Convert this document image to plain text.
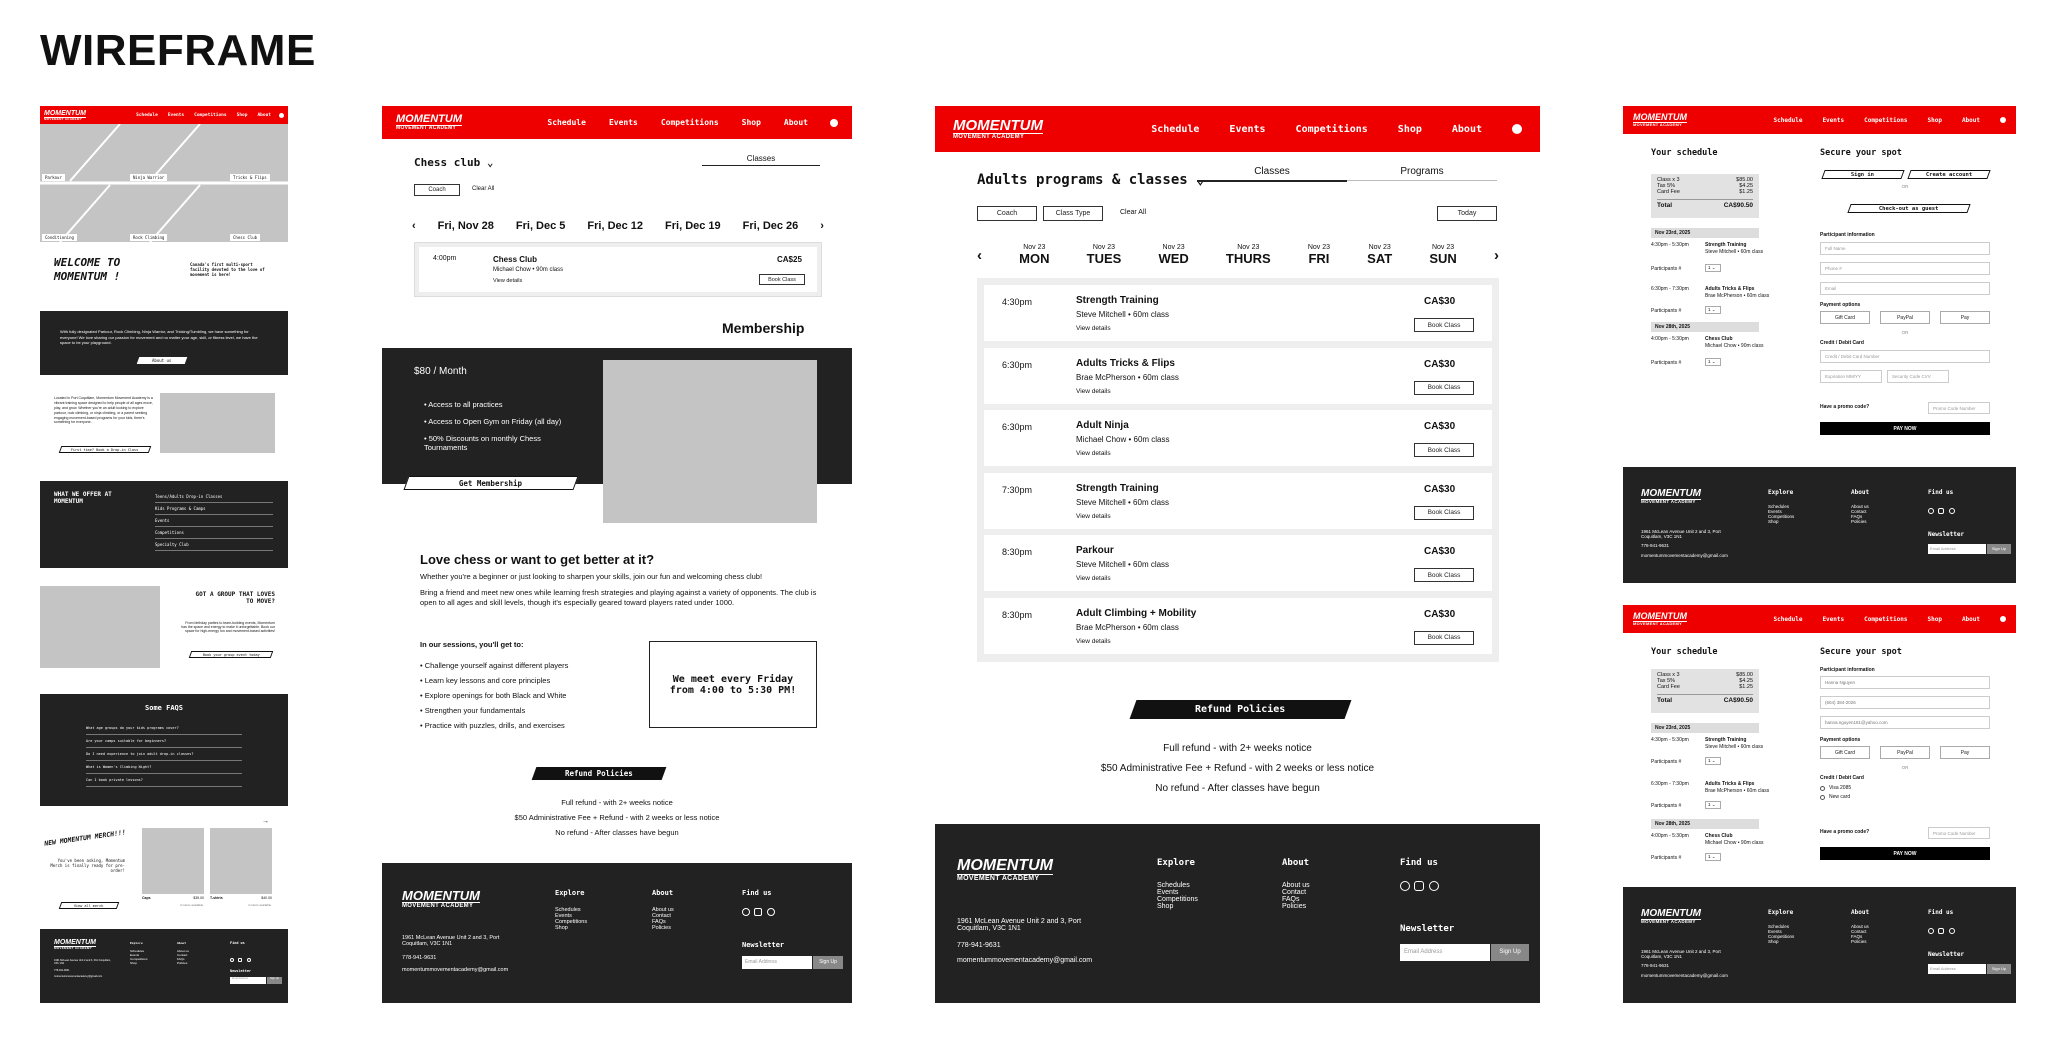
WIREFRAME
MOMENTUM
MOVEMENT ACADEMY
Schedule Events Competitions Shop About
Parkour	Ninja Warrior	Tricks & Flips
Conditioning	Rock Climbing	Chess Club
WELCOME TO MOMENTUM !
Canada's first multi-sport facility devoted to the love of movement is here!
With fully designated Parkour, Rock Climbing, Ninja Warrior, and Tricking/Tumbling, we have something for everyone! We love sharing our passion for movement and no matter your age, skill, or fitness level, we have the space to be your playground.
About us
Located in Port Coquitlam, Momentum Movement Academy is a vibrant training space designed to help people of all ages move, play, and grow. Whether you're an adult looking to explore parkour, rock climbing, or ninja climbing, or a parent seeking engaging movement-based programs for your kids, there's something for everyone.
First time? Book a Drop-in Class
WHAT WE OFFER AT MOMENTUM
Teens/Adults Drop-in Classes
Kids Programs & Camps
Events
Competitions
Specialty Club
GOT A GROUP THAT LOVES TO MOVE?
From birthday parties to team-building events, Momentum has the space and energy to make it unforgettable. Book our space for high-energy fun and movement-based activities!
Book your group event today
Some FAQS
What age groups do your kids programs cover?
Are your camps suitable for beginners?
Do I need experience to join adult drop-in classes?
What is Women's Climbing Night?
Can I book private lessons?
NEW MOMENTUM MERCH!!!
You've been asking, Momentum Merch is finally ready for pre-order!
→
Caps	$35.00
3 colors available
T-shirts	$40.00
4 colors available
View all merch
MOMENTUM
MOVEMENT ACADEMY
1961 McLean Avenue Unit 2 and 3, Port Coquitlam, V3C 1N1
778-941-9631
momentummovementacademy@gmail.com
Explore
Schedules
Events
Competitions
Shop
About
About us
Contact
FAQs
Policies
Find us

Newsletter
Email Address	Sign Up
MOMENTUM
MOVEMENT ACADEMY
Schedule	Events	Competitions	Shop	About
Chess club ⌄	Classes
Coach	Clear All
‹ Fri, Nov 28 Fri, Dec 5 Fri, Dec 12 Fri, Dec 19 Fri, Dec 26 ›
4:00pm	Chess Club
Michael Chow • 90m class
View details
CA$25
Book Class
Membership
$80 / Month
• Access to all practices
• Access to Open Gym on Friday (all day)
• 50% Discounts on monthly Chess Tournaments
Get Membership
Love chess or want to get better at it?
Whether you're a beginner or just looking to sharpen your skills, join our fun and welcoming chess club!
Bring a friend and meet new ones while learning fresh strategies and playing against a variety of opponents. The club is open to all ages and skill levels, though it's especially geared toward players rated under 1000.
In our sessions, you'll get to:
• Challenge yourself against different players
• Learn key lessons and core principles
• Explore openings for both Black and White
• Strengthen your fundamentals
• Practice with puzzles, drills, and exercises
We meet every Friday from 4:00 to 5:30 PM!
Refund Policies
Full refund - with 2+ weeks notice
$50 Administrative Fee + Refund - with 2 weeks or less notice
No refund - After classes have begun
MOMENTUM
MOVEMENT ACADEMY
1961 McLean Avenue Unit 2 and 3, Port Coquitlam, V3C 1N1
778-941-9631
momentummovementacademy@gmail.com
Explore
Schedules
Events
Competitions
Shop
About
About us
Contact
FAQs
Policies
Find us

Newsletter
Email Address	Sign Up
MOMENTUM
MOVEMENT ACADEMY
Schedule	Events	Competitions	Shop	About
Adults programs & classes ⌄
Classes	Programs
Coach	Class Type	Clear All	Today
‹	Nov 23
MON
Nov 23
TUES
Nov 23
WED
Nov 23
THURS
Nov 23
FRI
Nov 23
SAT
Nov 23
SUN ›
4:30pm	Strength Training
Steve Mitchell • 60m class
View details
CA$30
Book Class
6:30pm	Adults Tricks & Flips
Brae McPherson • 60m class
View details
CA$30
Book Class
6:30pm	Adult Ninja
Michael Chow • 60m class
View details
CA$30
Book Class
7:30pm	Strength Training
Steve Mitchell • 60m class
View details
CA$30
Book Class
8:30pm	Parkour
Steve Mitchell • 60m class
View details
CA$30
Book Class
8:30pm	Adult Climbing + Mobility
Brae McPherson • 60m class
View details
CA$30
Book Class
Refund Policies
Full refund - with 2+ weeks notice
$50 Administrative Fee + Refund - with 2 weeks or less notice
No refund - After classes have begun
MOMENTUM
MOVEMENT ACADEMY
1961 McLean Avenue Unit 2 and 3, Port Coquitlam, V3C 1N1
778-941-9631
momentummovementacademy@gmail.com
Explore
Schedules
Events
Competitions
Shop
About
About us
Contact
FAQs
Policies
Find us

Newsletter
Email Address	Sign Up
MOMENTUM
MOVEMENT ACADEMY
Schedule	Events	Competitions	Shop	About
Your schedule
Class x 3	$85.00
Tax 5%	$4.25
Card Fee	$1.25
Total	CA$90.50
Nov 23rd, 2025
4:30pm - 5:30pm	Strength Training
Steve Mitchell • 60m class
Participants #	1 ⌄
6:30pm - 7:30pm	Adults Tricks & Flips
Brae McPherson • 60m class
Participants #	1 ⌄
Nov 28th, 2025
4:00pm - 5:30pm	Chess Club
Michael Chow • 90m class
Participants #	1 ⌄
Secure your spot
Sign in	Create account
OR
Check-out as guest
Participant information
Full Name
Phone #
Email
Payment options
Gift Card	PayPal	Pay
OR
Credit / Debit Card
Credit / Debit Card Number
Expiration MM/YY	Security Code CVV
Have a promo code?	Promo Code Number
PAY NOW
MOMENTUM
MOVEMENT ACADEMY
1961 McLean Avenue Unit 2 and 3, Port Coquitlam, V3C 1N1
778-941-9631
momentummovementacademy@gmail.com
Explore
Schedules
Events
Competitions
Shop
About
About us
Contact
FAQs
Policies
Find us

Newsletter
Email Address	Sign Up
MOMENTUM
MOVEMENT ACADEMY
Schedule	Events	Competitions	Shop	About
Your schedule
Class x 3	$85.00
Tax 5%	$4.25
Card Fee	$1.25
Total	CA$90.50
Nov 23rd, 2025
4:30pm - 5:30pm	Strength Training
Steve Mitchell • 60m class
Participants #	1 ⌄
6:30pm - 7:30pm	Adults Tricks & Flips
Brae McPherson • 60m class
Participants #	1 ⌄
Nov 28th, 2025
4:00pm - 5:30pm	Chess Club
Michael Chow • 90m class
Participants #	1 ⌄
Secure your spot
Participant information
Hanna Nguyen
(604) 384-2026
hanna.nguyen181@yahoo.com
Payment options
Gift Card	PayPal	Pay
OR
Credit / Debit Card
Visa 2085
New card
Have a promo code?	Promo Code Number
PAY NOW
MOMENTUM
MOVEMENT ACADEMY
1961 McLean Avenue Unit 2 and 3, Port Coquitlam, V3C 1N1
778-941-9631
momentummovementacademy@gmail.com
Explore
Schedules
Events
Competitions
Shop
About
About us
Contact
FAQs
Policies
Find us

Newsletter
Email Address	Sign Up
